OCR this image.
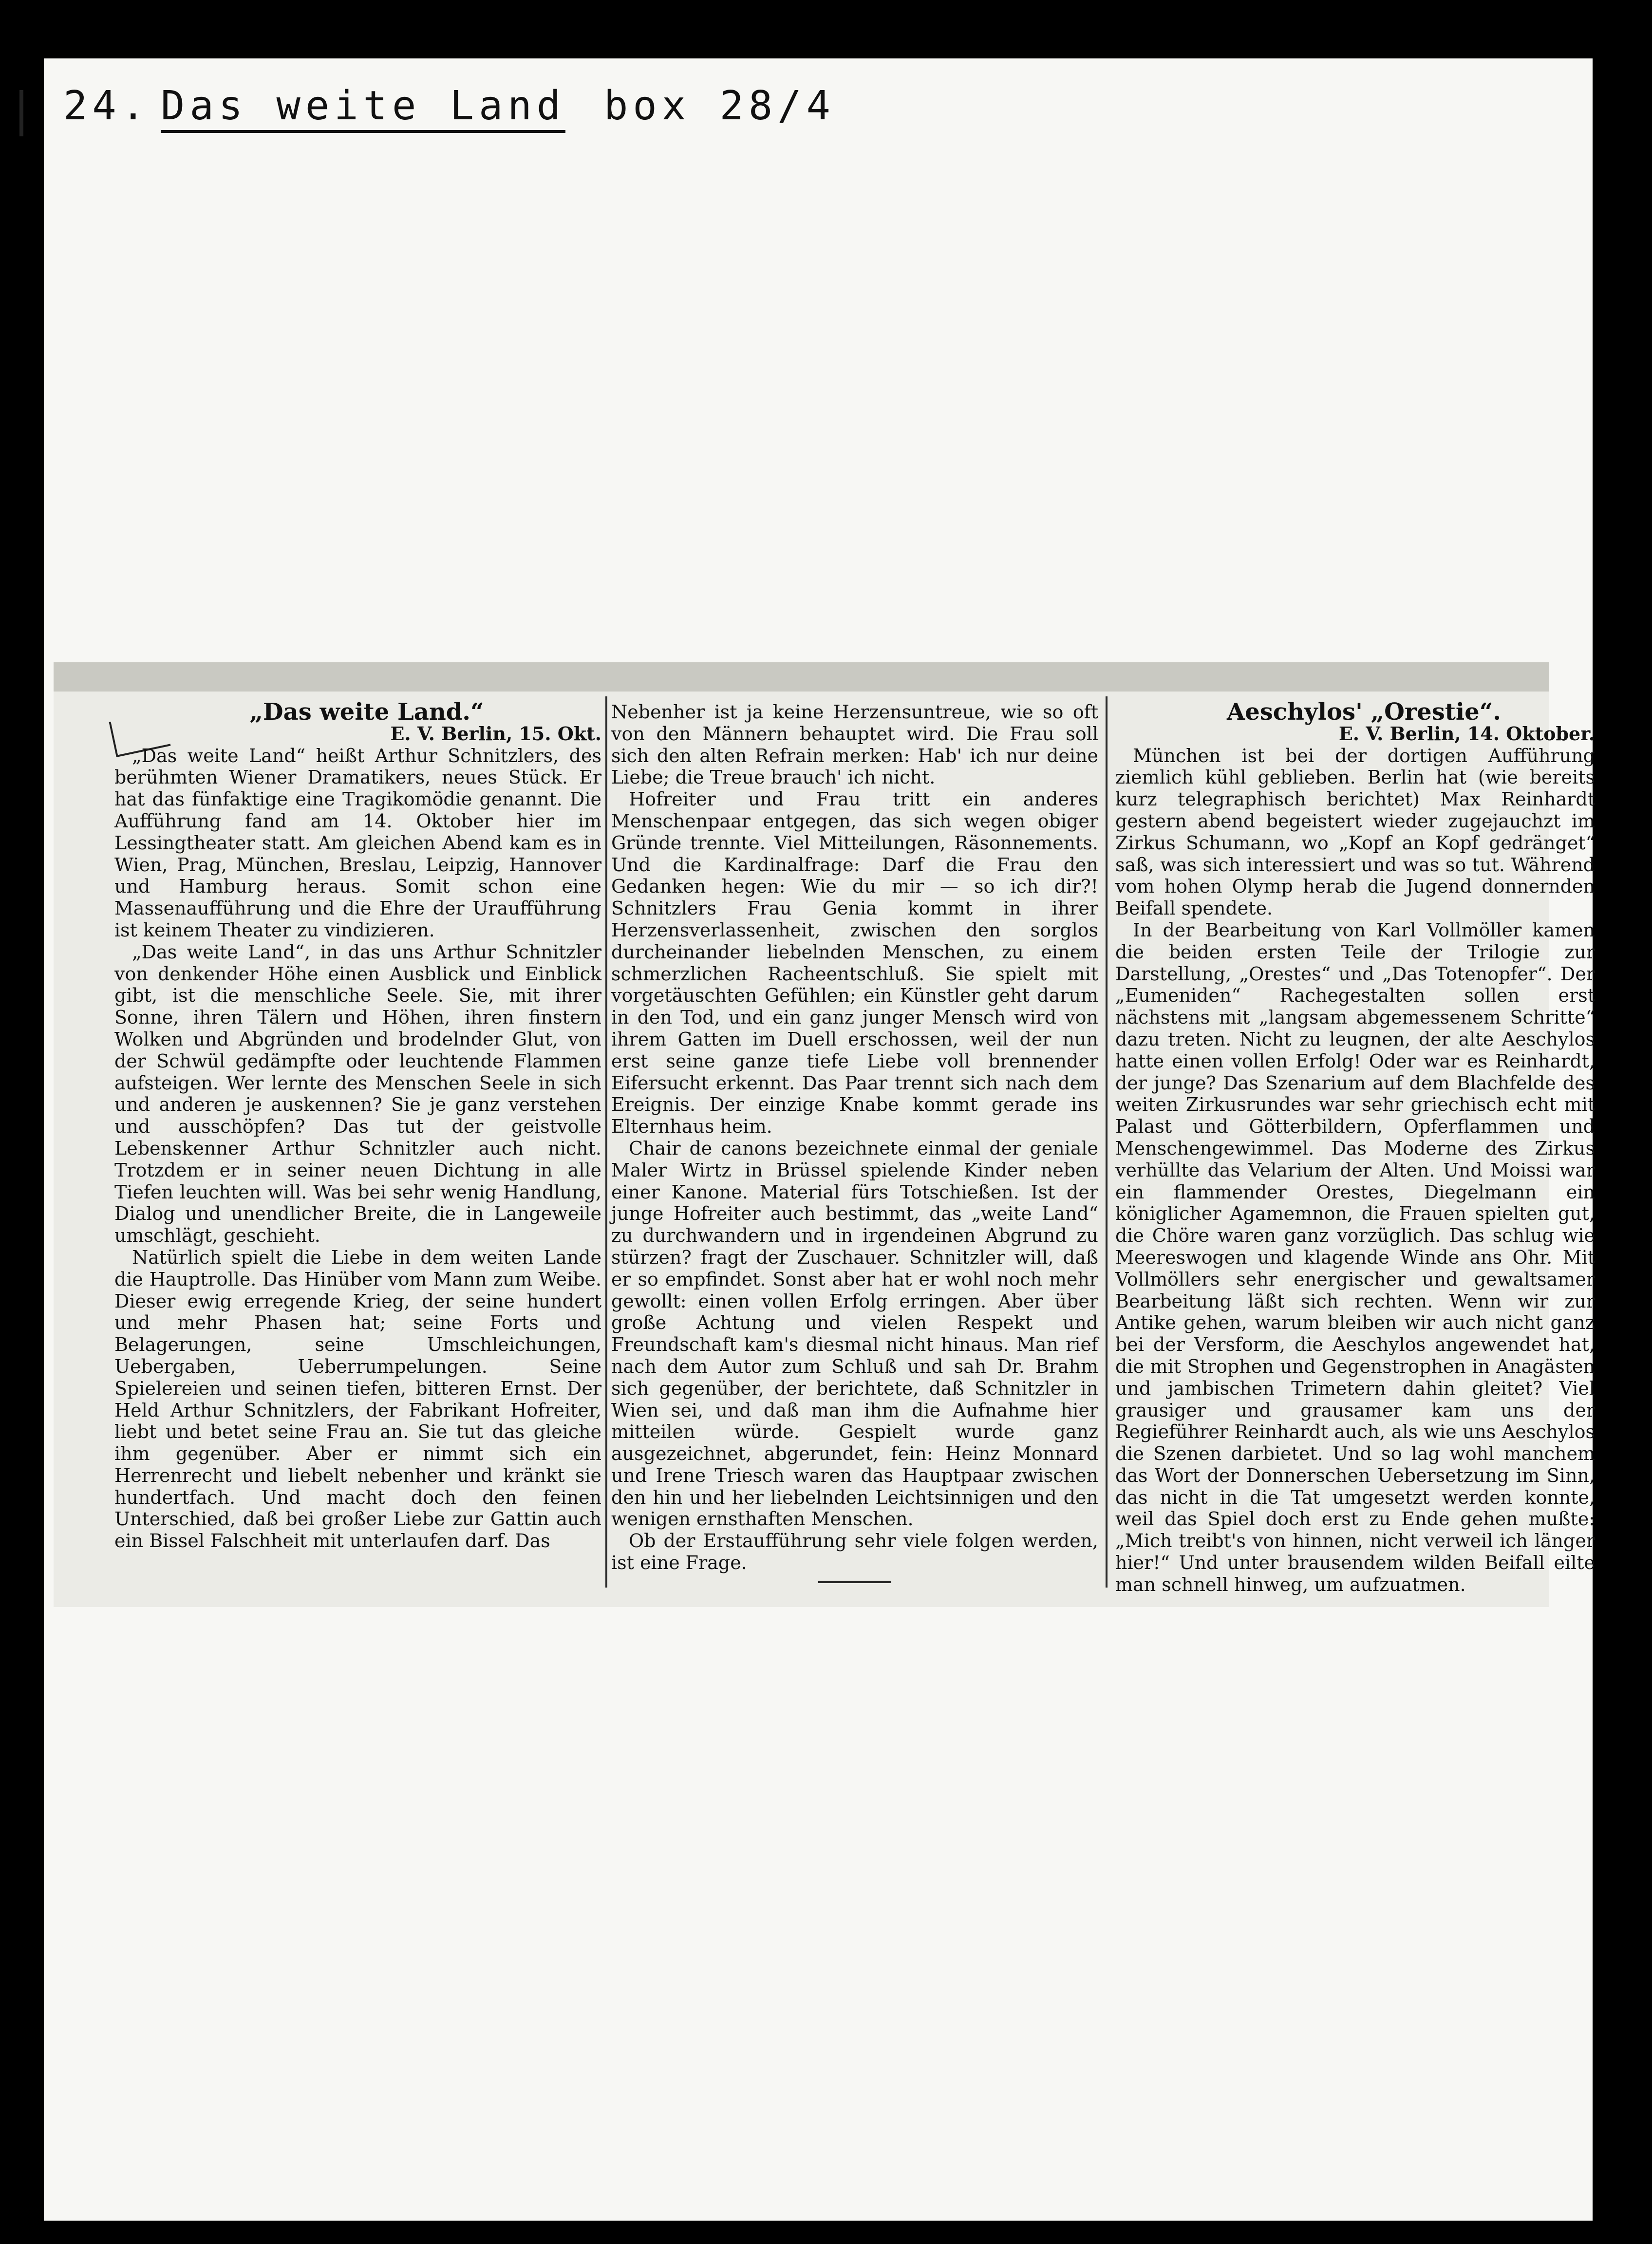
24. Das weite Land box 28/4

„Das weite Land.“

E. V. Berlin, 15. Okt.

„Das weite Land“ heißt Arthur Schnitzlers, des berühmten Wiener Dramatikers, neues Stück. Er hat das fünfaktige eine Tragikomödie genannt. Die Aufführung fand am 14. Oktober hier im Lessingtheater statt. Am gleichen Abend kam es in Wien, Prag, München, Breslau, Leipzig, Hannover und Hamburg heraus. Somit schon eine Massenaufführung und die Ehre der Uraufführung ist keinem Theater zu vindizieren.

„Das weite Land“, in das uns Arthur Schnitzler von denkender Höhe einen Ausblick und Einblick gibt, ist die menschliche Seele. Sie, mit ihrer Sonne, ihren Tälern und Höhen, ihren finstern Wolken und Abgründen und brodelnder Glut, von der Schwül gedämpfte oder leuchtende Flammen aufsteigen. Wer lernte des Menschen Seele in sich und anderen je auskennen? Sie je ganz verstehen und ausschöpfen? Das tut der geistvolle Lebenskenner Arthur Schnitzler auch nicht. Trotzdem er in seiner neuen Dichtung in alle Tiefen leuchten will. Was bei sehr wenig Handlung, Dialog und unendlicher Breite, die in Langeweile umschlägt, geschieht.

Natürlich spielt die Liebe in dem weiten Lande die Hauptrolle. Das Hinüber vom Mann zum Weibe. Dieser ewig erregende Krieg, der seine hundert und mehr Phasen hat; seine Forts und Belagerungen, seine Umschleichungen, Uebergaben, Ueberrumpelungen. Seine Spielereien und seinen tiefen, bitteren Ernst. Der Held Arthur Schnitzlers, der Fabrikant Hofreiter, liebt und betet seine Frau an. Sie tut das gleiche ihm gegenüber. Aber er nimmt sich ein Herrenrecht und liebelt nebenher und kränkt sie hundertfach. Und macht doch den feinen Unterschied, daß bei großer Liebe zur Gattin auch ein Bissel Falschheit mit unterlaufen darf. Das

Nebenher ist ja keine Herzensuntreue, wie so oft von den Männern behauptet wird. Die Frau soll sich den alten Refrain merken: Hab' ich nur deine Liebe; die Treue brauch' ich nicht.

Hofreiter und Frau tritt ein anderes Menschenpaar entgegen, das sich wegen obiger Gründe trennte. Viel Mitteilungen, Räsonnements. Und die Kardinalfrage: Darf die Frau den Gedanken hegen: Wie du mir — so ich dir?! Schnitzlers Frau Genia kommt in ihrer Herzensverlassenheit, zwischen den sorglos durcheinander liebelnden Menschen, zu einem schmerzlichen Racheentschluß. Sie spielt mit vorgetäuschten Gefühlen; ein Künstler geht darum in den Tod, und ein ganz junger Mensch wird von ihrem Gatten im Duell erschossen, weil der nun erst seine ganze tiefe Liebe voll brennender Eifersucht erkennt. Das Paar trennt sich nach dem Ereignis. Der einzige Knabe kommt gerade ins Elternhaus heim.

Chair de canons bezeichnete einmal der geniale Maler Wirtz in Brüssel spielende Kinder neben einer Kanone. Material fürs Totschießen. Ist der junge Hofreiter auch bestimmt, das „weite Land“ zu durchwandern und in irgendeinen Abgrund zu stürzen? fragt der Zuschauer. Schnitzler will, daß er so empfindet. Sonst aber hat er wohl noch mehr gewollt: einen vollen Erfolg erringen. Aber über große Achtung und vielen Respekt und Freundschaft kam's diesmal nicht hinaus. Man rief nach dem Autor zum Schluß und sah Dr. Brahm sich gegenüber, der berichtete, daß Schnitzler in Wien sei, und daß man ihm die Aufnahme hier mitteilen würde. Gespielt wurde ganz ausgezeichnet, abgerundet, fein: Heinz Monnard und Irene Triesch waren das Hauptpaar zwischen den hin und her liebelnden Leichtsinnigen und den wenigen ernsthaften Menschen.

Ob der Erstaufführung sehr viele folgen werden, ist eine Frage.

Aeschylos' „Orestie“.

E. V. Berlin, 14. Oktober.

München ist bei der dortigen Aufführung ziemlich kühl geblieben. Berlin hat (wie bereits kurz telegraphisch berichtet) Max Reinhardt gestern abend begeistert wieder zugejauchzt im Zirkus Schumann, wo „Kopf an Kopf gedränget“ saß, was sich interessiert und was so tut. Während vom hohen Olymp herab die Jugend donnernden Beifall spendete.

In der Bearbeitung von Karl Vollmöller kamen die beiden ersten Teile der Trilogie zur Darstellung, „Orestes“ und „Das Totenopfer“. Der „Eumeniden“ Rachegestalten sollen erst nächstens mit „langsam abgemessenem Schritte“ dazu treten. Nicht zu leugnen, der alte Aeschylos hatte einen vollen Erfolg! Oder war es Reinhardt, der junge? Das Szenarium auf dem Blachfelde des weiten Zirkusrundes war sehr griechisch echt mit Palast und Götterbildern, Opferflammen und Menschengewimmel. Das Moderne des Zirkus verhüllte das Velarium der Alten. Und Moissi war ein flammender Orestes, Diegelmann ein königlicher Agamemnon, die Frauen spielten gut, die Chöre waren ganz vorzüglich. Das schlug wie Meereswogen und klagende Winde ans Ohr. Mit Vollmöllers sehr energischer und gewaltsamer Bearbeitung läßt sich rechten. Wenn wir zur Antike gehen, warum bleiben wir auch nicht ganz bei der Versform, die Aeschylos angewendet hat, die mit Strophen und Gegenstrophen in Anagästen und jambischen Trimetern dahin gleitet? Viel grausiger und grausamer kam uns der Regieführer Reinhardt auch, als wie uns Aeschylos die Szenen darbietet. Und so lag wohl manchem das Wort der Donnerschen Uebersetzung im Sinn, das nicht in die Tat umgesetzt werden konnte, weil das Spiel doch erst zu Ende gehen mußte: „Mich treibt's von hinnen, nicht verweil ich länger hier!“ Und unter brausendem wilden Beifall eilte man schnell hinweg, um aufzuatmen.
